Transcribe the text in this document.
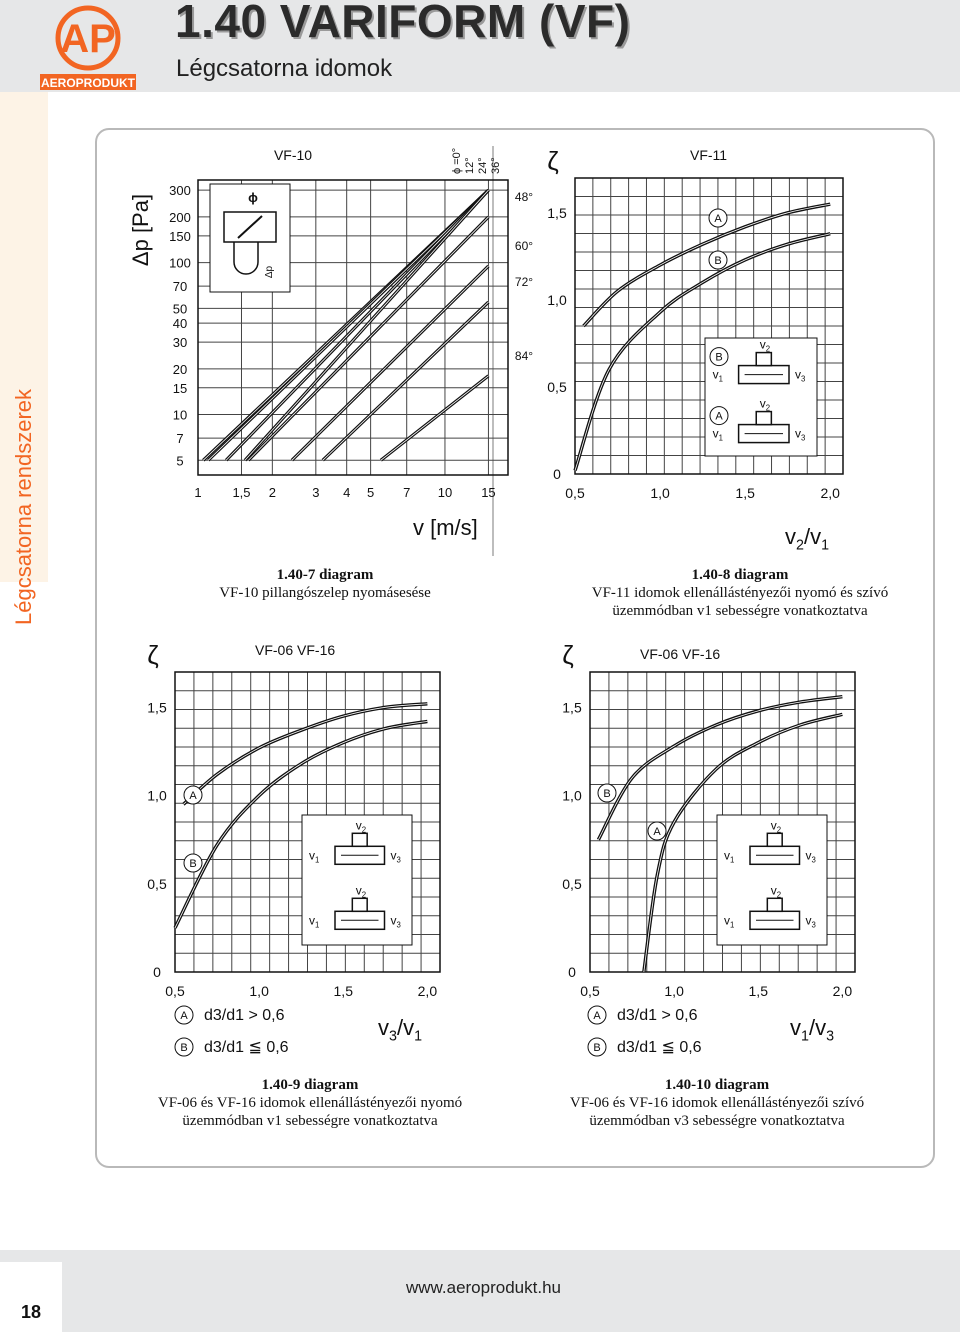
AP
AEROPRODUKT
1.40 VARIFORM (VF)
Légcsatorna idomok
Légcsatorna rendszerek
300
200
150
100
70
50
40
30
20
15
10
7
5
1 1,5 2	3 4 5 7 10 15
Δp [Pa]
v [m/s]
VF-10	ϕ =0° 12° 24° 36°
48°
60°
72°
84°
ϕ
Δp
1.40-7 diagram
VF-10 pillangószelep nyomásesése
1,5
1,0
0,5
0
0,5	1,0	1,5	2,0
ζ	VF-11
$v_2/v_1$
A
B
$v_1$	$v_3$
$v_2$
B
$v_1$	$v_3$
$v_2$
A
1.40-8 diagram
VF-11 idomok ellenállástényezői nyomó és szívó
üzemmódban v1 sebességre vonatkoztatva
1,5
1,0
0,5
0
0,5	1,0	1,5	2,0
ζ	VF-06 VF-16
$v_3/v_1$
A
B
$v_1$	$v_3$
$v_2$
$v_1$	$v_3$
$v_2$
A d3/d1 > 0,6
B d3/d1 ≦ 0,6
1.40-9 diagram
VF-06 és VF-16 idomok ellenállástényezői nyomó
üzemmódban v1 sebességre vonatkoztatva
1,5
1,0
0,5
0
0,5	1,0	1,5	2,0
ζ	VF-06 VF-16
$v_1/v_3$
B
A
$v_1$	$v_3$
$v_2$
$v_1$	$v_3$
$v_2$
A d3/d1 > 0,6
B d3/d1 ≦ 0,6
1.40-10 diagram
VF-06 és VF-16 idomok ellenállástényezői szívó
üzemmódban v3 sebességre vonatkoztatva
18
www.aeroprodukt.hu
